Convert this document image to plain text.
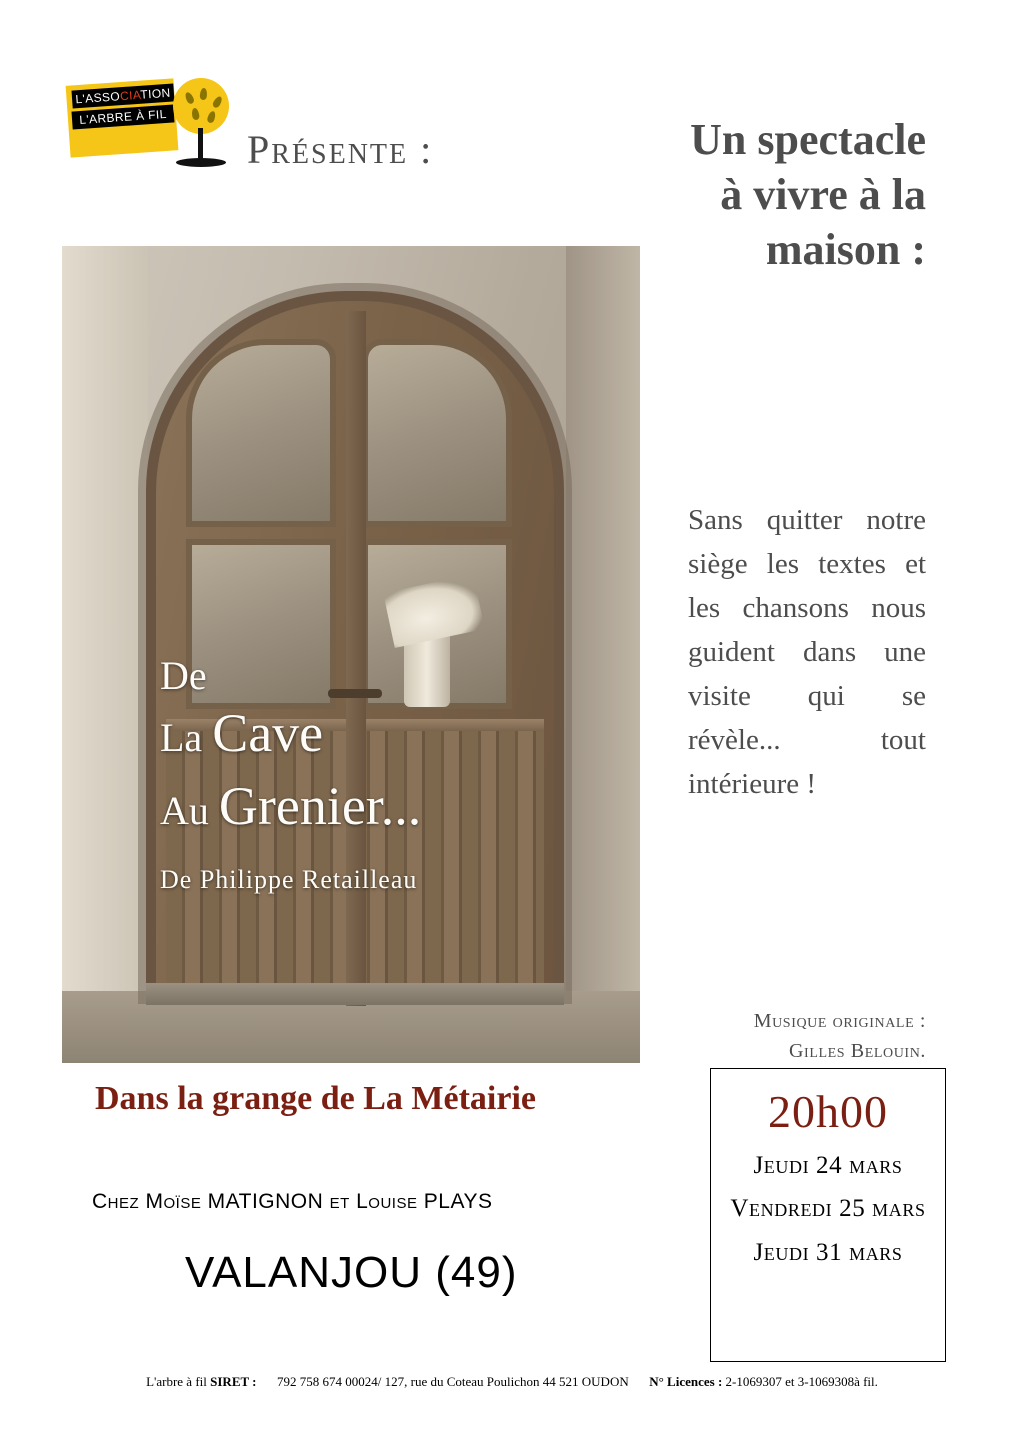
L'ASSOCIATION
L'ARBRE À FIL
Présente :
De
La Cave
Au Grenier...
De Philippe Retailleau
Dans la grange de La Métairie
Chez Moïse MATIGNON et Louise PLAYS
VALANJOU (49)
Un spectacle à vivre à la maison :
Sans quitter notre siège les textes et les chansons nous guident dans une visite qui se révèle... tout intérieure !
Musique originale :
Gilles Belouin.
20h00
Jeudi 24 mars
Vendredi 25 mars
Jeudi 31 mars
L'arbre à fil SIRET : 792 758 674 00024/ 127, rue du Coteau Poulichon 44 521 OUDON N° Licences : 2-1069307 et 3-1069308à fil.
